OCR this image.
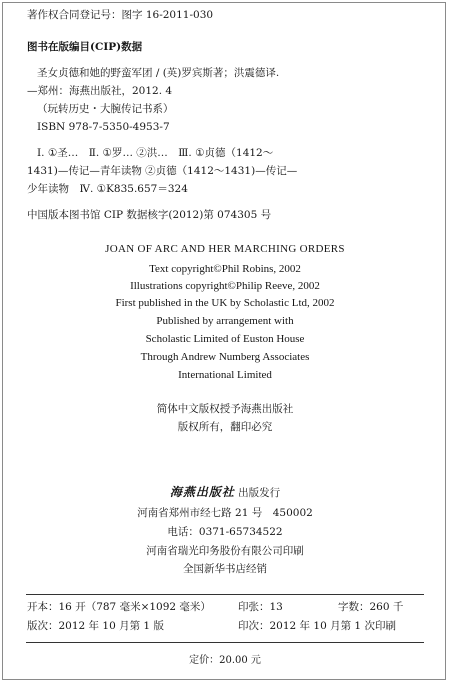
著作权合同登记号：图字 16-2011-030
图书在版编目(CIP)数据
圣女贞德和她的野蛮军团 / (英)罗宾斯著；洪震德译.
—郑州：海燕出版社，2012. 4
（玩转历史・大腕传记书系）
ISBN 978-7-5350-4953-7
Ⅰ. ①圣…　Ⅱ. ①罗… ②洪…　Ⅲ. ①贞德（1412～
1431)—传记—青年读物 ②贞德（1412～1431)—传记—
少年读物　Ⅳ. ①K835.657＝324
中国版本图书馆 CIP 数据核字(2012)第 074305 号
JOAN OF ARC AND HER MARCHING ORDERS
Text copyright©Phil Robins, 2002
Illustrations copyright©Philip Reeve, 2002
First published in the UK by Scholastic Ltd, 2002
Published by arrangement with
Scholastic Limited of Euston House
Through Andrew Numberg Associates
International Limited
简体中文版权授予海燕出版社
版权所有，翻印必究
海燕出版社 出版发行
河南省郑州市经七路 21 号　450002
电话：0371-65734522
河南省瑞光印务股份有限公司印刷
全国新华书店经销
开本：16 开（787 毫米×1092 毫米）	印张：13	字数：260 千
版次：2012 年 10 月第 1 版	印次：2012 年 10 月第 1 次印刷
定价：20.00 元
